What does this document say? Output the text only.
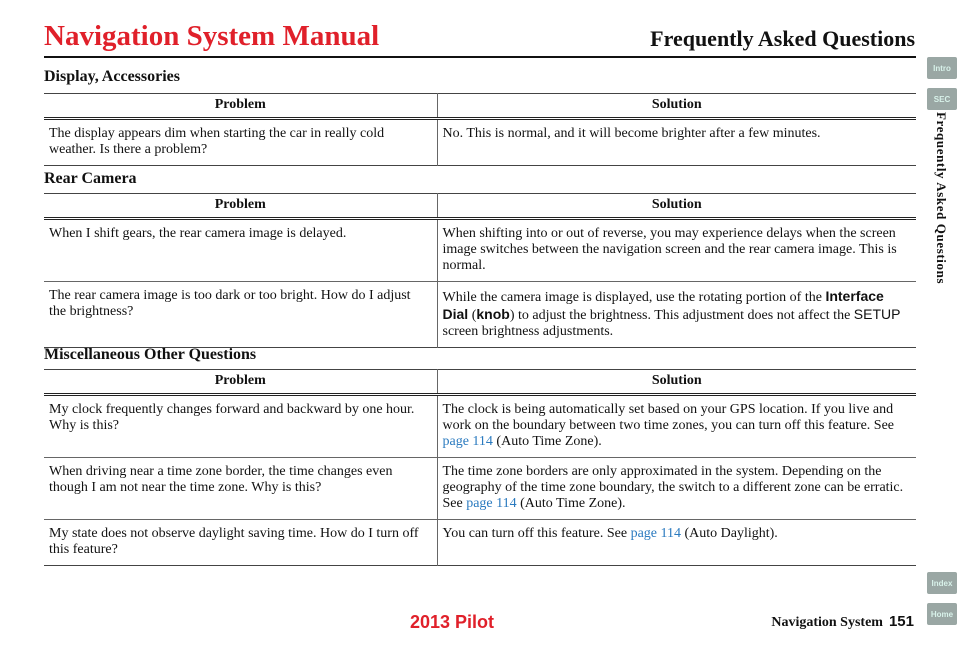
Navigation System Manual	Frequently Asked Questions
Display, Accessories
Problem	Solution
The display appears dim when starting the car in really cold weather. Is there a problem?	No. This is normal, and it will become brighter after a few minutes.
Rear Camera
Problem	Solution
When I shift gears, the rear camera image is delayed.	When shifting into or out of reverse, you may experience delays when the screen image switches between the navigation screen and the rear camera image. This is normal.
The rear camera image is too dark or too bright. How do I adjust the brightness?	While the camera image is displayed, use the rotating portion of the Interface Dial (knob) to adjust the brightness. This adjustment does not affect the SETUP screen brightness adjustments.
Miscellaneous Other Questions
Problem	Solution
My clock frequently changes forward and backward by one hour. Why is this?	The clock is being automatically set based on your GPS location. If you live and work on the boundary between two time zones, you can turn off this feature. See page 114 (Auto Time Zone).
When driving near a time zone border, the time changes even though I am not near the time zone. Why is this?	The time zone borders are only approximated in the system. Depending on the geography of the time zone boundary, the switch to a different zone can be erratic. See page 114 (Auto Time Zone).
My state does not observe daylight saving time. How do I turn off this feature?	You can turn off this feature. See page 114 (Auto Daylight).
Intro
SEC
Index
Home
Frequently Asked Questions
2013 Pilot	Navigation System 151
